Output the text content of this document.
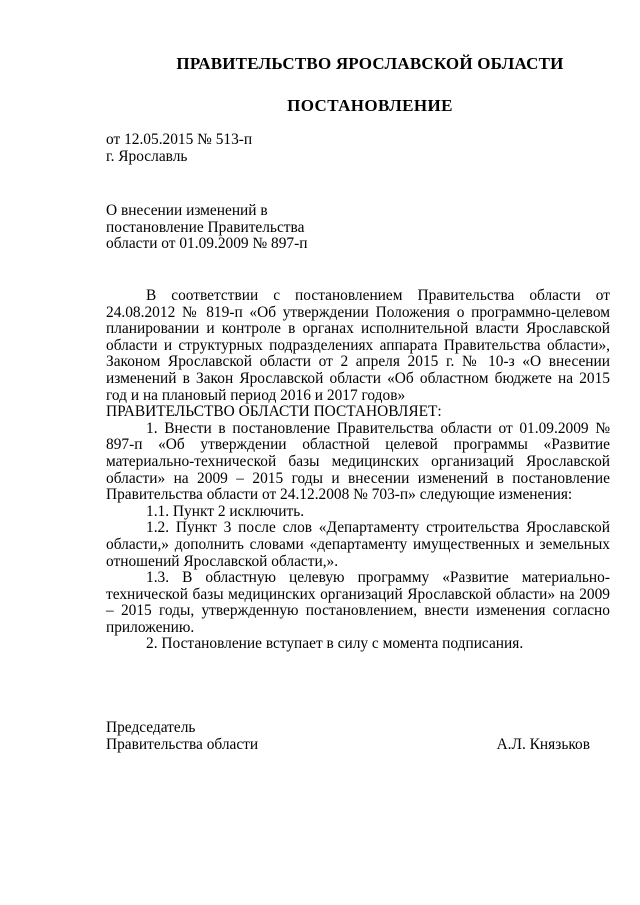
ПРАВИТЕЛЬСТВО ЯРОСЛАВСКОЙ ОБЛАСТИ
ПОСТАНОВЛЕНИЕ
от 12.05.2015 № 513-п
г. Ярославль
О внесении изменений в
постановление Правительства
области от 01.09.2009 № 897-п

В соответствии с постановлением Правительства области от 24.08.2012 № 819-п «Об утверждении Положения о программно-целевом планировании и контроле в органах исполнительной власти Ярославской области и структурных подразделениях аппарата Правительства области», Законом Ярославской области от 2 апреля 2015 г. № 10-з «О внесении изменений в Закон Ярославской области «Об областном бюджете на 2015 год и на плановый период 2016 и 2017 годов»

ПРАВИТЕЛЬСТВО ОБЛАСТИ ПОСТАНОВЛЯЕТ:

1. Внести в постановление Правительства области от 01.09.2009 № 897-п «Об утверждении областной целевой программы «Развитие материально-технической базы медицинских организаций Ярославской области» на 2009 – 2015 годы и внесении изменений в постановление Правительства области от 24.12.2008 № 703-п» следующие изменения:

1.1. Пункт 2 исключить.

1.2. Пункт 3 после слов «Департаменту строительства Ярославской области,» дополнить словами «департаменту имущественных и земельных отношений Ярославской области,».

1.3. В областную целевую программу «Развитие материально-технической базы медицинских организаций Ярославской области» на 2009 – 2015 годы, утвержденную постановлением, внести изменения согласно приложению.

2. Постановление вступает в силу с момента подписания.

Председатель
Правительства области	А.Л. Князьков
